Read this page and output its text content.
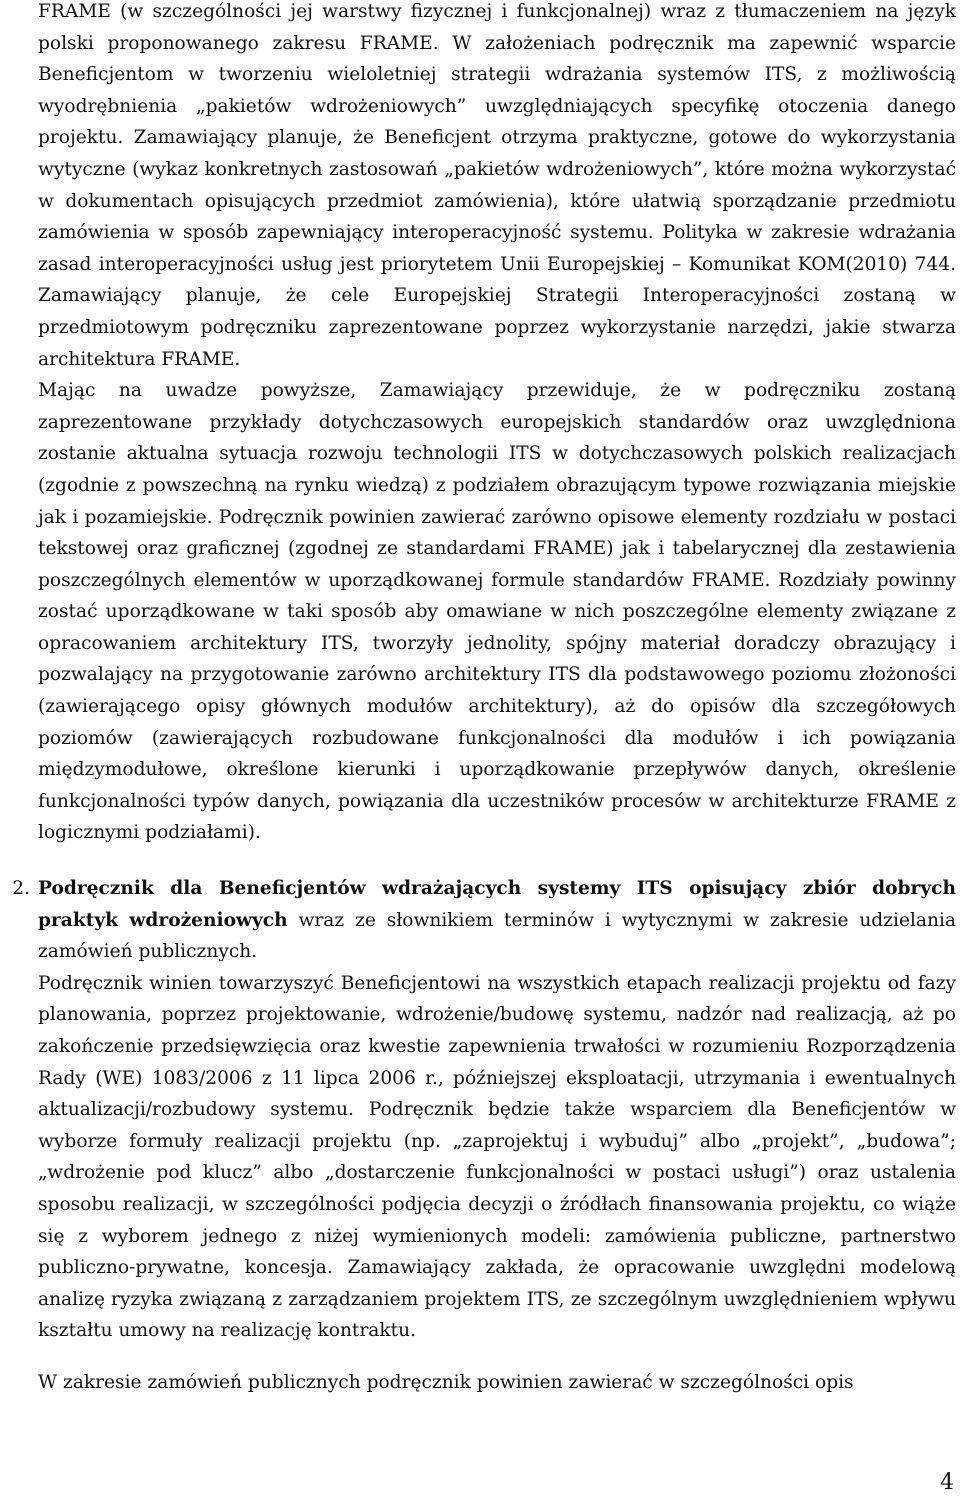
FRAME (w szczególności jej warstwy fizycznej i funkcjonalnej) wraz z tłumaczeniem na język polski proponowanego zakresu FRAME. W założeniach podręcznik ma zapewnić wsparcie Beneficjentom w tworzeniu wieloletniej strategii wdrażania systemów ITS, z możliwością wyodrębnienia „pakietów wdrożeniowych” uwzględniających specyfikę otoczenia danego projektu. Zamawiający planuje, że Beneficjent otrzyma praktyczne, gotowe do wykorzystania wytyczne (wykaz konkretnych zastosowań „pakietów wdrożeniowych”, które można wykorzystać w dokumentach opisujących przedmiot zamówienia), które ułatwią sporządzanie przedmiotu zamówienia w sposób zapewniający interoperacyjność systemu. Polityka w zakresie wdrażania zasad interoperacyjności usług jest priorytetem Unii Europejskiej – Komunikat KOM(2010) 744. Zamawiający planuje, że cele Europejskiej Strategii Interoperacyjności zostaną w przedmiotowym podręczniku zaprezentowane poprzez wykorzystanie narzędzi, jakie stwarza architektura FRAME.

Mając na uwadze powyższe, Zamawiający przewiduje, że w podręczniku zostaną zaprezentowane przykłady dotychczasowych europejskich standardów oraz uwzględniona zostanie aktualna sytuacja rozwoju technologii ITS w dotychczasowych polskich realizacjach (zgodnie z powszechną na rynku wiedzą) z podziałem obrazującym typowe rozwiązania miejskie jak i pozamiejskie. Podręcznik powinien zawierać zarówno opisowe elementy rozdziału w postaci tekstowej oraz graficznej (zgodnej ze standardami FRAME) jak i tabelarycznej dla zestawienia poszczególnych elementów w uporządkowanej formule standardów FRAME. Rozdziały powinny zostać uporządkowane w taki sposób aby omawiane w nich poszczególne elementy związane z opracowaniem architektury ITS, tworzyły jednolity, spójny materiał doradczy obrazujący i pozwalający na przygotowanie zarówno architektury ITS dla podstawowego poziomu złożoności (zawierającego opisy głównych modułów architektury), aż do opisów dla szczegółowych poziomów (zawierających rozbudowane funkcjonalności dla modułów i ich powiązania międzymodułowe, określone kierunki i uporządkowanie przepływów danych, określenie funkcjonalności typów danych, powiązania dla uczestników procesów w architekturze FRAME z logicznymi podziałami).

2. Podręcznik dla Beneficjentów wdrażających systemy ITS opisujący zbiór dobrych praktyk wdrożeniowych wraz ze słownikiem terminów i wytycznymi w zakresie udzielania zamówień publicznych.

Podręcznik winien towarzyszyć Beneficjentowi na wszystkich etapach realizacji projektu od fazy planowania, poprzez projektowanie, wdrożenie/budowę systemu, nadzór nad realizacją, aż po zakończenie przedsięwzięcia oraz kwestie zapewnienia trwałości w rozumieniu Rozporządzenia Rady (WE) 1083/2006 z 11 lipca 2006 r., późniejszej eksploatacji, utrzymania i ewentualnych aktualizacji/rozbudowy systemu. Podręcznik będzie także wsparciem dla Beneficjentów w wyborze formuły realizacji projektu (np. „zaprojektuj i wybuduj” albo „projekt”, „budowa”; „wdrożenie pod klucz” albo „dostarczenie funkcjonalności w postaci usługi”) oraz ustalenia sposobu realizacji, w szczególności podjęcia decyzji o źródłach finansowania projektu, co wiąże się z wyborem jednego z niżej wymienionych modeli: zamówienia publiczne, partnerstwo publiczno-prywatne, koncesja. Zamawiający zakłada, że opracowanie uwzględni modelową analizę ryzyka związaną z zarządzaniem projektem ITS, ze szczególnym uwzględnieniem wpływu kształtu umowy na realizację kontraktu.

W zakresie zamówień publicznych podręcznik powinien zawierać w szczególności opis

4
